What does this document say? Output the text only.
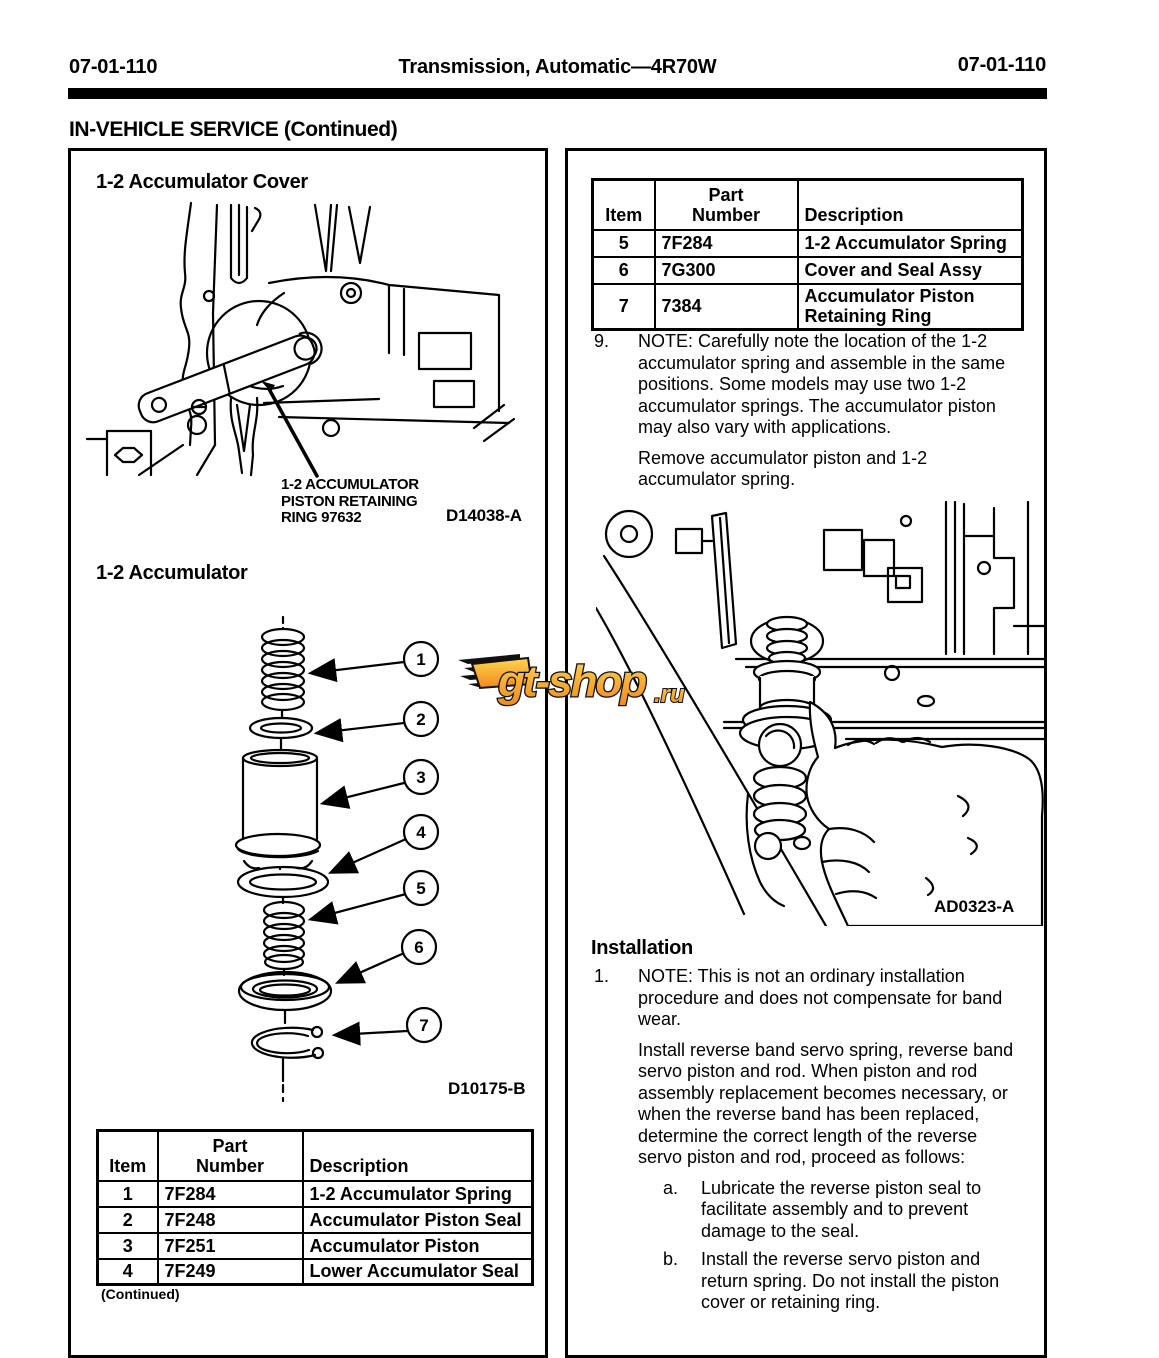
07-01-110	Transmission, Automatic—4R70W	07-01-110
IN-VEHICLE SERVICE (Continued)
1-2 Accumulator Cover
1-2 ACCUMULATOR
PISTON RETAINING
RING 97632	D14038-A
1-2 Accumulator
1
2
3
4
5
6
7
D10175-B
Item	Part Number	Description
1	7F284	1-2 Accumulator Spring
2	7F248	Accumulator Piston Seal
3	7F251	Accumulator Piston
4	7F249	Lower Accumulator Seal
(Continued)
Item	Part Number	Description
5	7F284	1-2 Accumulator Spring
6	7G300	Cover and Seal Assy
7	7384	Accumulator Piston Retaining Ring
9. NOTE: Carefully note the location of the 1-2 accumulator spring and assemble in the same positions. Some models may use two 1-2 accumulator springs. The accumulator piston may also vary with applications.

Remove accumulator piston and 1-2 accumulator spring.

AD0323-A
Installation
1. NOTE: This is not an ordinary installation procedure and does not compensate for band wear.

Install reverse band servo spring, reverse band servo piston and rod. When piston and rod assembly replacement becomes necessary, or when the reverse band has been replaced, determine the correct length of the reverse servo piston and rod, proceed as follows:

a. Lubricate the reverse piston seal to facilitate assembly and to prevent damage to the seal.
b. Install the reverse servo piston and return spring. Do not install the piston cover or retaining ring.
gt-shop .ru
